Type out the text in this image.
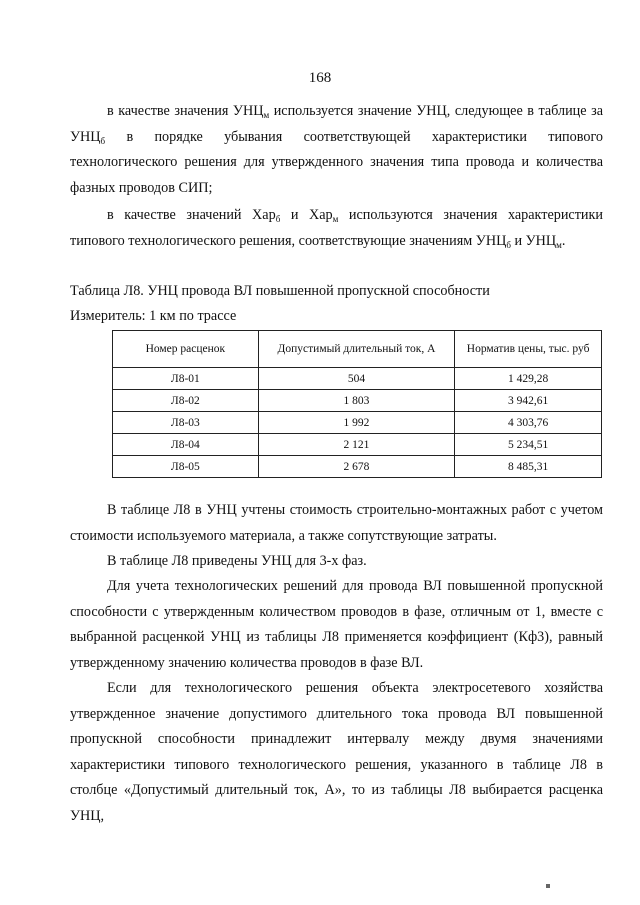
168
в качестве значения $УНЦ_м$ используется значение УНЦ, следующее в таблице за $УНЦ_б$ в порядке убывания соответствующей характеристики типового технологического решения для утвержденного значения типа провода и количества фазных проводов СИП;
в качестве значений Хар$_б$ и Хар$_м$ используются значения характеристики типового технологического решения, соответствующие значениям $УНЦ_б$ и $УНЦ_м$.
Таблица Л8. УНЦ провода ВЛ повышенной пропускной способности
Измеритель: 1 км по трассе
Номер расценок	Допустимый длительный ток, А	Норматив цены, тыс. руб
Л8-01	504	1 429,28
Л8-02	1 803	3 942,61
Л8-03	1 992	4 303,76
Л8-04	2 121	5 234,51
Л8-05	2 678	8 485,31
В таблице Л8 в УНЦ учтены стоимость строительно-монтажных работ с учетом стоимости используемого материала, а также сопутствующие затраты.
В таблице Л8 приведены УНЦ для 3-х фаз.
Для учета технологических решений для провода ВЛ повышенной пропускной способности с утвержденным количеством проводов в фазе, отличным от 1, вместе с выбранной расценкой УНЦ из таблицы Л8 применяется коэффициент (Кф3), равный утвержденному значению количества проводов в фазе ВЛ.
Если для технологического решения объекта электросетевого хозяйства утвержденное значение допустимого длительного тока провода ВЛ повышенной пропускной способности принадлежит интервалу между двумя значениями характеристики типового технологического решения, указанного в таблице Л8 в столбце «Допустимый длительный ток, А», то из таблицы Л8 выбирается расценка УНЦ,
